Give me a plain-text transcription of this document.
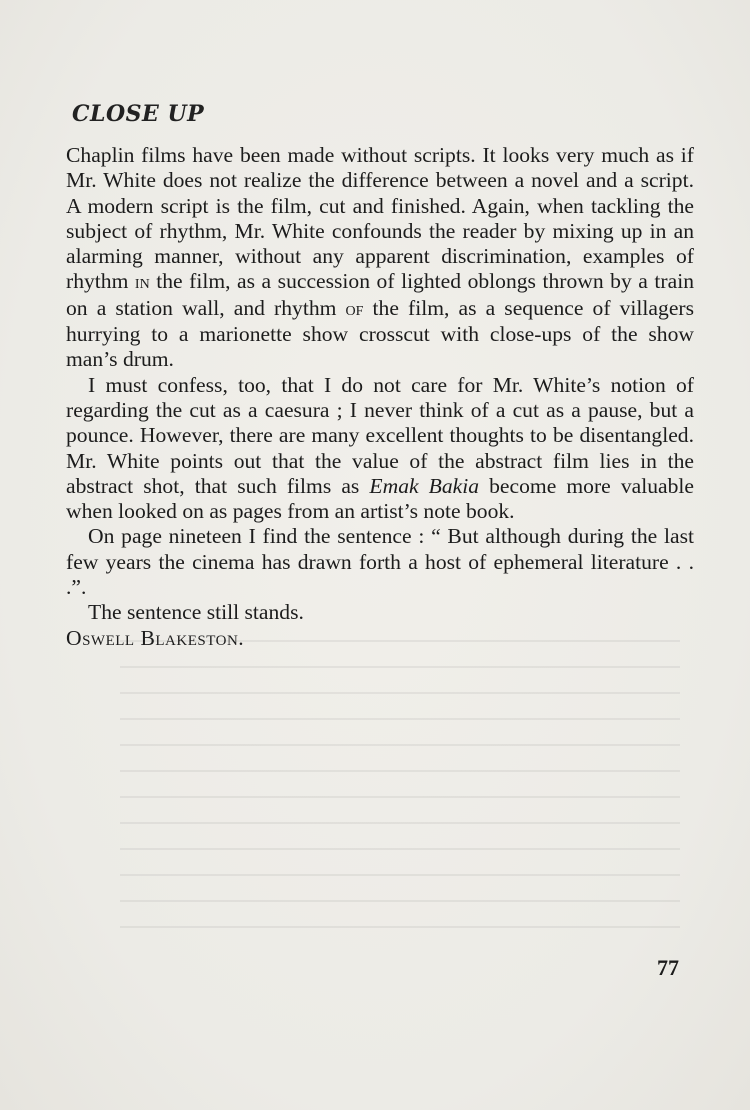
CLOSE UP

Chaplin films have been made without scripts. It looks very much as if Mr. White does not realize the difference between a novel and a script. A modern script is the film, cut and finished. Again, when tackling the subject of rhythm, Mr. White confounds the reader by mixing up in an alarming manner, without any apparent discrimination, examples of rhythm in the film, as a succession of lighted oblongs thrown by a train on a station wall, and rhythm of the film, as a sequence of villagers hurrying to a marionette show crosscut with close-ups of the show man’s drum.

I must confess, too, that I do not care for Mr. White’s notion of regarding the cut as a caesura ; I never think of a cut as a pause, but a pounce. However, there are many excellent thoughts to be disentangled. Mr. White points out that the value of the abstract film lies in the abstract shot, that such films as Emak Bakia become more valuable when looked on as pages from an artist’s note book.

On page nineteen I find the sentence : “ But although during the last few years the cinema has drawn forth a host of ephemeral literature . . .”.

The sentence still stands.

Oswell Blakeston.

77
